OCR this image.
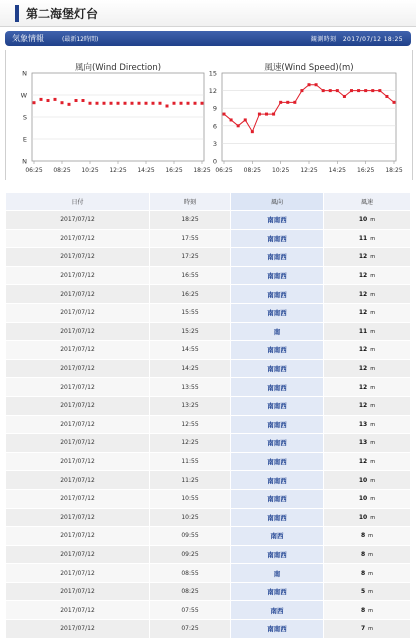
第二海堡灯台
気象情報	(最新12時間)	観測時刻　2017/07/12 18:25
風向(Wind Direction)
N
E
S
W
N
06:25 08:25 10:25 12:25 14:25 16:25 18:25
風速(Wind Speed)(m)
0
3
6
9
12
15
06:25 08:25 10:25 12:25 14:25 16:25 18:25
日付	時刻	風向	風速
2017/07/12	18:25	南南西	10 m
2017/07/12	17:55	南南西	11 m
2017/07/12	17:25	南南西	12 m
2017/07/12	16:55	南南西	12 m
2017/07/12	16:25	南南西	12 m
2017/07/12	15:55	南南西	12 m
2017/07/12	15:25	南	11 m
2017/07/12	14:55	南南西	12 m
2017/07/12	14:25	南南西	12 m
2017/07/12	13:55	南南西	12 m
2017/07/12	13:25	南南西	12 m
2017/07/12	12:55	南南西	13 m
2017/07/12	12:25	南南西	13 m
2017/07/12	11:55	南南西	12 m
2017/07/12	11:25	南南西	10 m
2017/07/12	10:55	南南西	10 m
2017/07/12	10:25	南南西	10 m
2017/07/12	09:55	南西	8 m
2017/07/12	09:25	南南西	8 m
2017/07/12	08:55	南	8 m
2017/07/12	08:25	南南西	5 m
2017/07/12	07:55	南西	8 m
2017/07/12	07:25	南南西	7 m
